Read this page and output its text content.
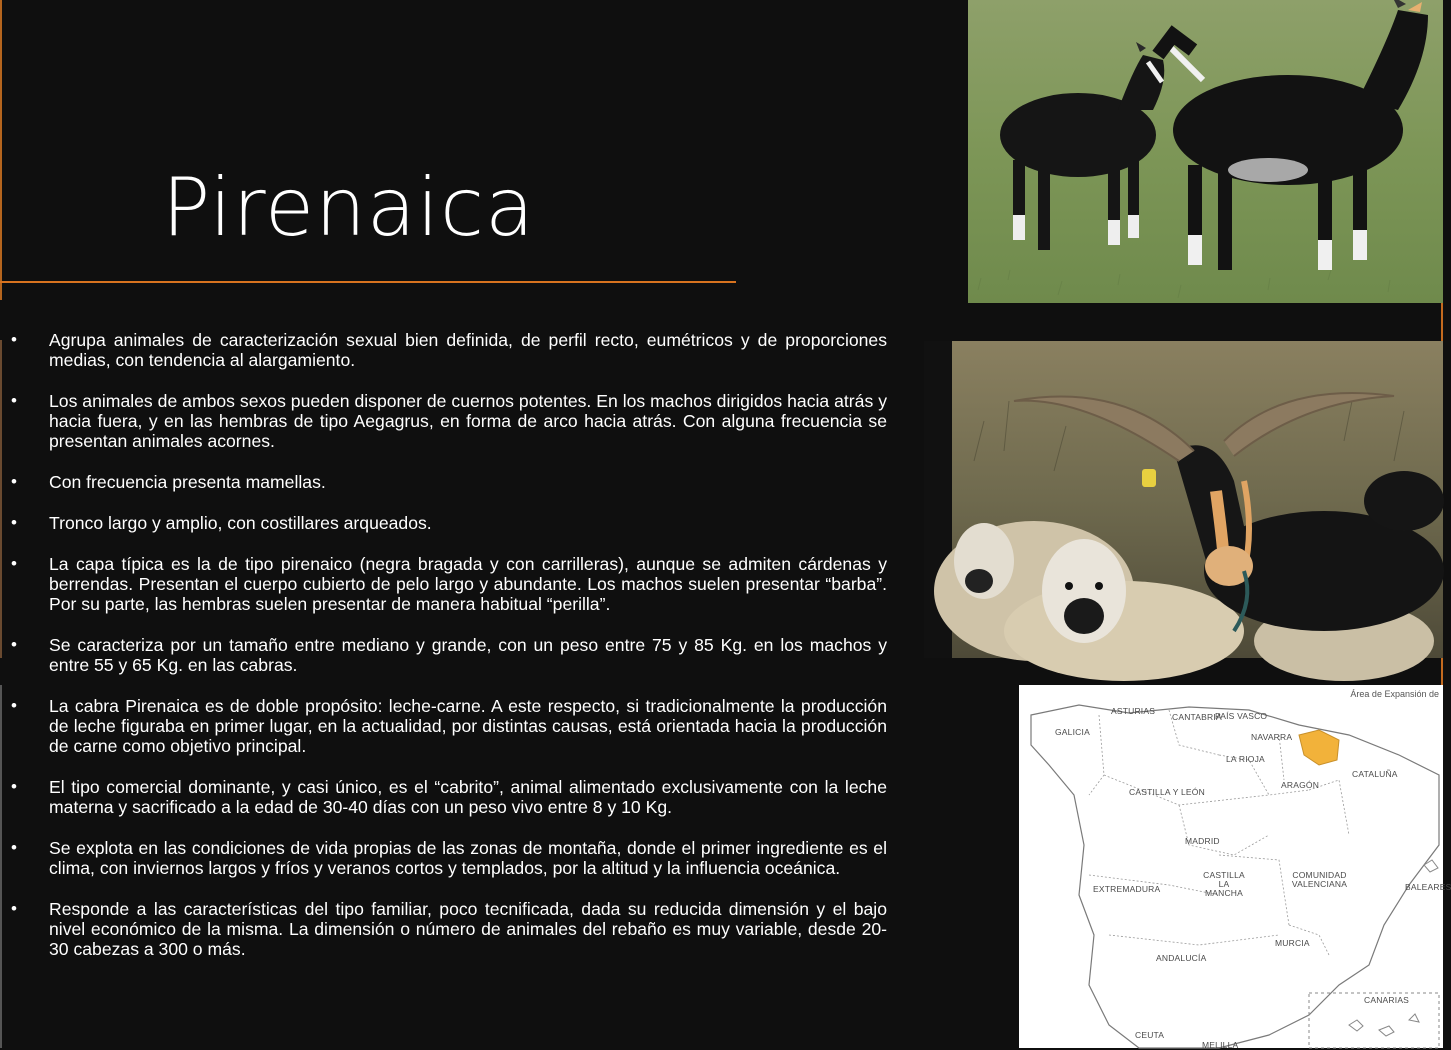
Pirenaica
• Agrupa animales de caracterización sexual bien definida, de perfil recto, eumétricos y de proporciones medias, con tendencia al alargamiento.
• Los animales de ambos sexos pueden disponer de cuernos potentes. En los machos dirigidos hacia atrás y hacia fuera, y en las hembras de tipo Aegagrus, en forma de arco hacia atrás. Con alguna frecuencia se presentan animales acornes.
• Con frecuencia presenta mamellas.
• Tronco largo y amplio, con costillares arqueados.
• La capa típica es la de tipo pirenaico (negra bragada y con carrilleras), aunque se admiten cárdenas y berrendas. Presentan el cuerpo cubierto de pelo largo y abundante. Los machos suelen presentar “barba”. Por su parte, las hembras suelen presentar de manera habitual “perilla”.
• Se caracteriza por un tamaño entre mediano y grande, con un peso entre 75 y 85 Kg. en los machos y entre 55 y 65 Kg. en las cabras.
• La cabra Pirenaica es de doble propósito: leche-carne. A este respecto, si tradicionalmente la producción de leche figuraba en primer lugar, en la actualidad, por distintas causas, está orientada hacia la producción de carne como objetivo principal.
• El tipo comercial dominante, y casi único, es el “cabrito”, animal alimentado exclusivamente con la leche materna y sacrificado a la edad de 30-40 días con un peso vivo entre 8 y 10 Kg.
• Se explota en las condiciones de vida propias de las zonas de montaña, donde el primer ingrediente es el clima, con inviernos largos y fríos y veranos cortos y templados, por la altitud y la influencia oceánica.
• Responde a las características del tipo familiar, poco tecnificada, dada su reducida dimensión y el bajo nivel económico de la misma. La dimensión o número de animales del rebaño es muy variable, desde 20-30 cabezas a 300 o más.
Área de Expansión de
ASTURIAS
CANTABRIA
PAÍS VASCO
NAVARRA
GALICIA
LA RIOJA
ARAGÓN
CATALUÑA
CASTILLA Y LEÓN
MADRID
CASTILLA LA MANCHA
COMUNIDAD VALENCIANA
EXTREMADURA	BALEARES
MURCIA
ANDALUCÍA
CANARIAS
CEUTA
MELILLA
